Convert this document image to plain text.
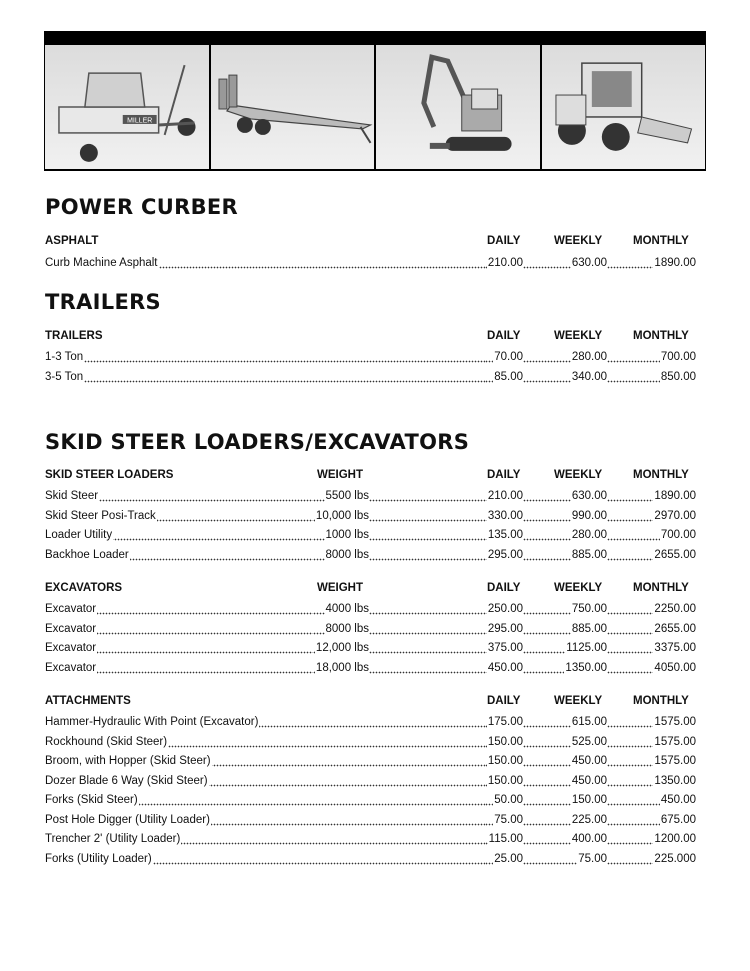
MILLER
POWER CURBER
ASPHALT	DAILY	WEEKLY	MONTHLY
Curb Machine Asphalt	210.00	630.00	1890.00
TRAILERS
TRAILERS	DAILY	WEEKLY	MONTHLY
1-3 Ton	70.00	280.00	700.00
3-5 Ton	85.00	340.00	850.00
SKID STEER LOADERS/EXCAVATORS
SKID STEER LOADERS	WEIGHT	DAILY	WEEKLY	MONTHLY
Skid Steer	5500 lbs	210.00	630.00	1890.00
Skid Steer Posi-Track	10,000 lbs	330.00	990.00	2970.00
Loader Utility	1000 lbs	135.00	280.00	700.00
Backhoe Loader	8000 lbs	295.00	885.00	2655.00
EXCAVATORS	WEIGHT	DAILY	WEEKLY	MONTHLY
Excavator	4000 lbs	250.00	750.00	2250.00
Excavator	8000 lbs	295.00	885.00	2655.00
Excavator	12,000 lbs	375.00	1125.00	3375.00
Excavator	18,000 lbs	450.00	1350.00	4050.00
ATTACHMENTS	DAILY	WEEKLY	MONTHLY
Hammer-Hydraulic With Point (Excavator)	175.00	615.00	1575.00
Rockhound (Skid Steer)	150.00	525.00	1575.00
Broom, with Hopper (Skid Steer)	150.00	450.00	1575.00
Dozer Blade 6 Way (Skid Steer)	150.00	450.00	1350.00
Forks (Skid Steer)	50.00	150.00	450.00
Post Hole Digger (Utility Loader)	75.00	225.00	675.00
Trencher 2' (Utility Loader)	115.00	400.00	1200.00
Forks (Utility Loader)	25.00	75.00	225.000
